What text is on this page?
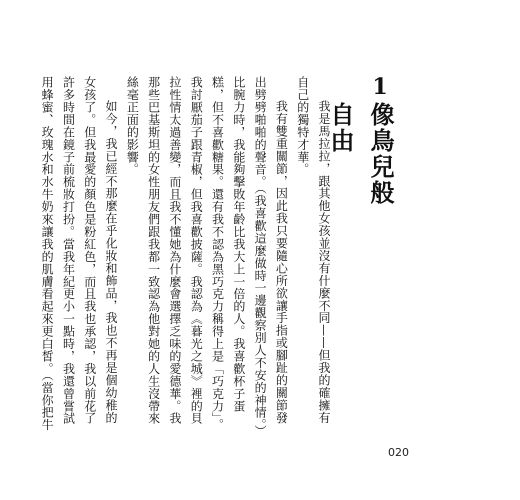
1
像鳥兒般自由

我是馬拉拉，跟其他女孩並沒有什麼不同——但我的確擁有自己的獨特才華。

我有雙重關節，因此我只要隨心所欲讓手指或腳趾的關節發出劈劈啪啪的聲音。（我喜歡這麼做時一邊觀察別人不安的神情。）比腕力時，我能夠擊敗年齡比我大上一倍的人。我喜歡杯子蛋糕，但不喜歡糖果。還有我不認為黑巧克力稱得上是「巧克力」。我討厭茄子跟青椒，但我喜歡披薩。我認為《暮光之城》裡的貝拉性情太過善變，而且我不懂她為什麼會選擇乏味的愛德華。我那些巴基斯坦的女性朋友們跟我都一致認為他對她的人生沒帶來絲毫正面的影響。

如今，我已經不那麼在乎化妝和飾品，我也不再是個幼稚的女孩了。但我最愛的顏色是粉紅色，而且我也承認，我以前花了許多時間在鏡子前梳妝打扮。當我年紀更小一點時，我還曾嘗試用蜂蜜、玫瑰水和水牛奶來讓我的肌膚看起來更白皙。（當你把牛

020
